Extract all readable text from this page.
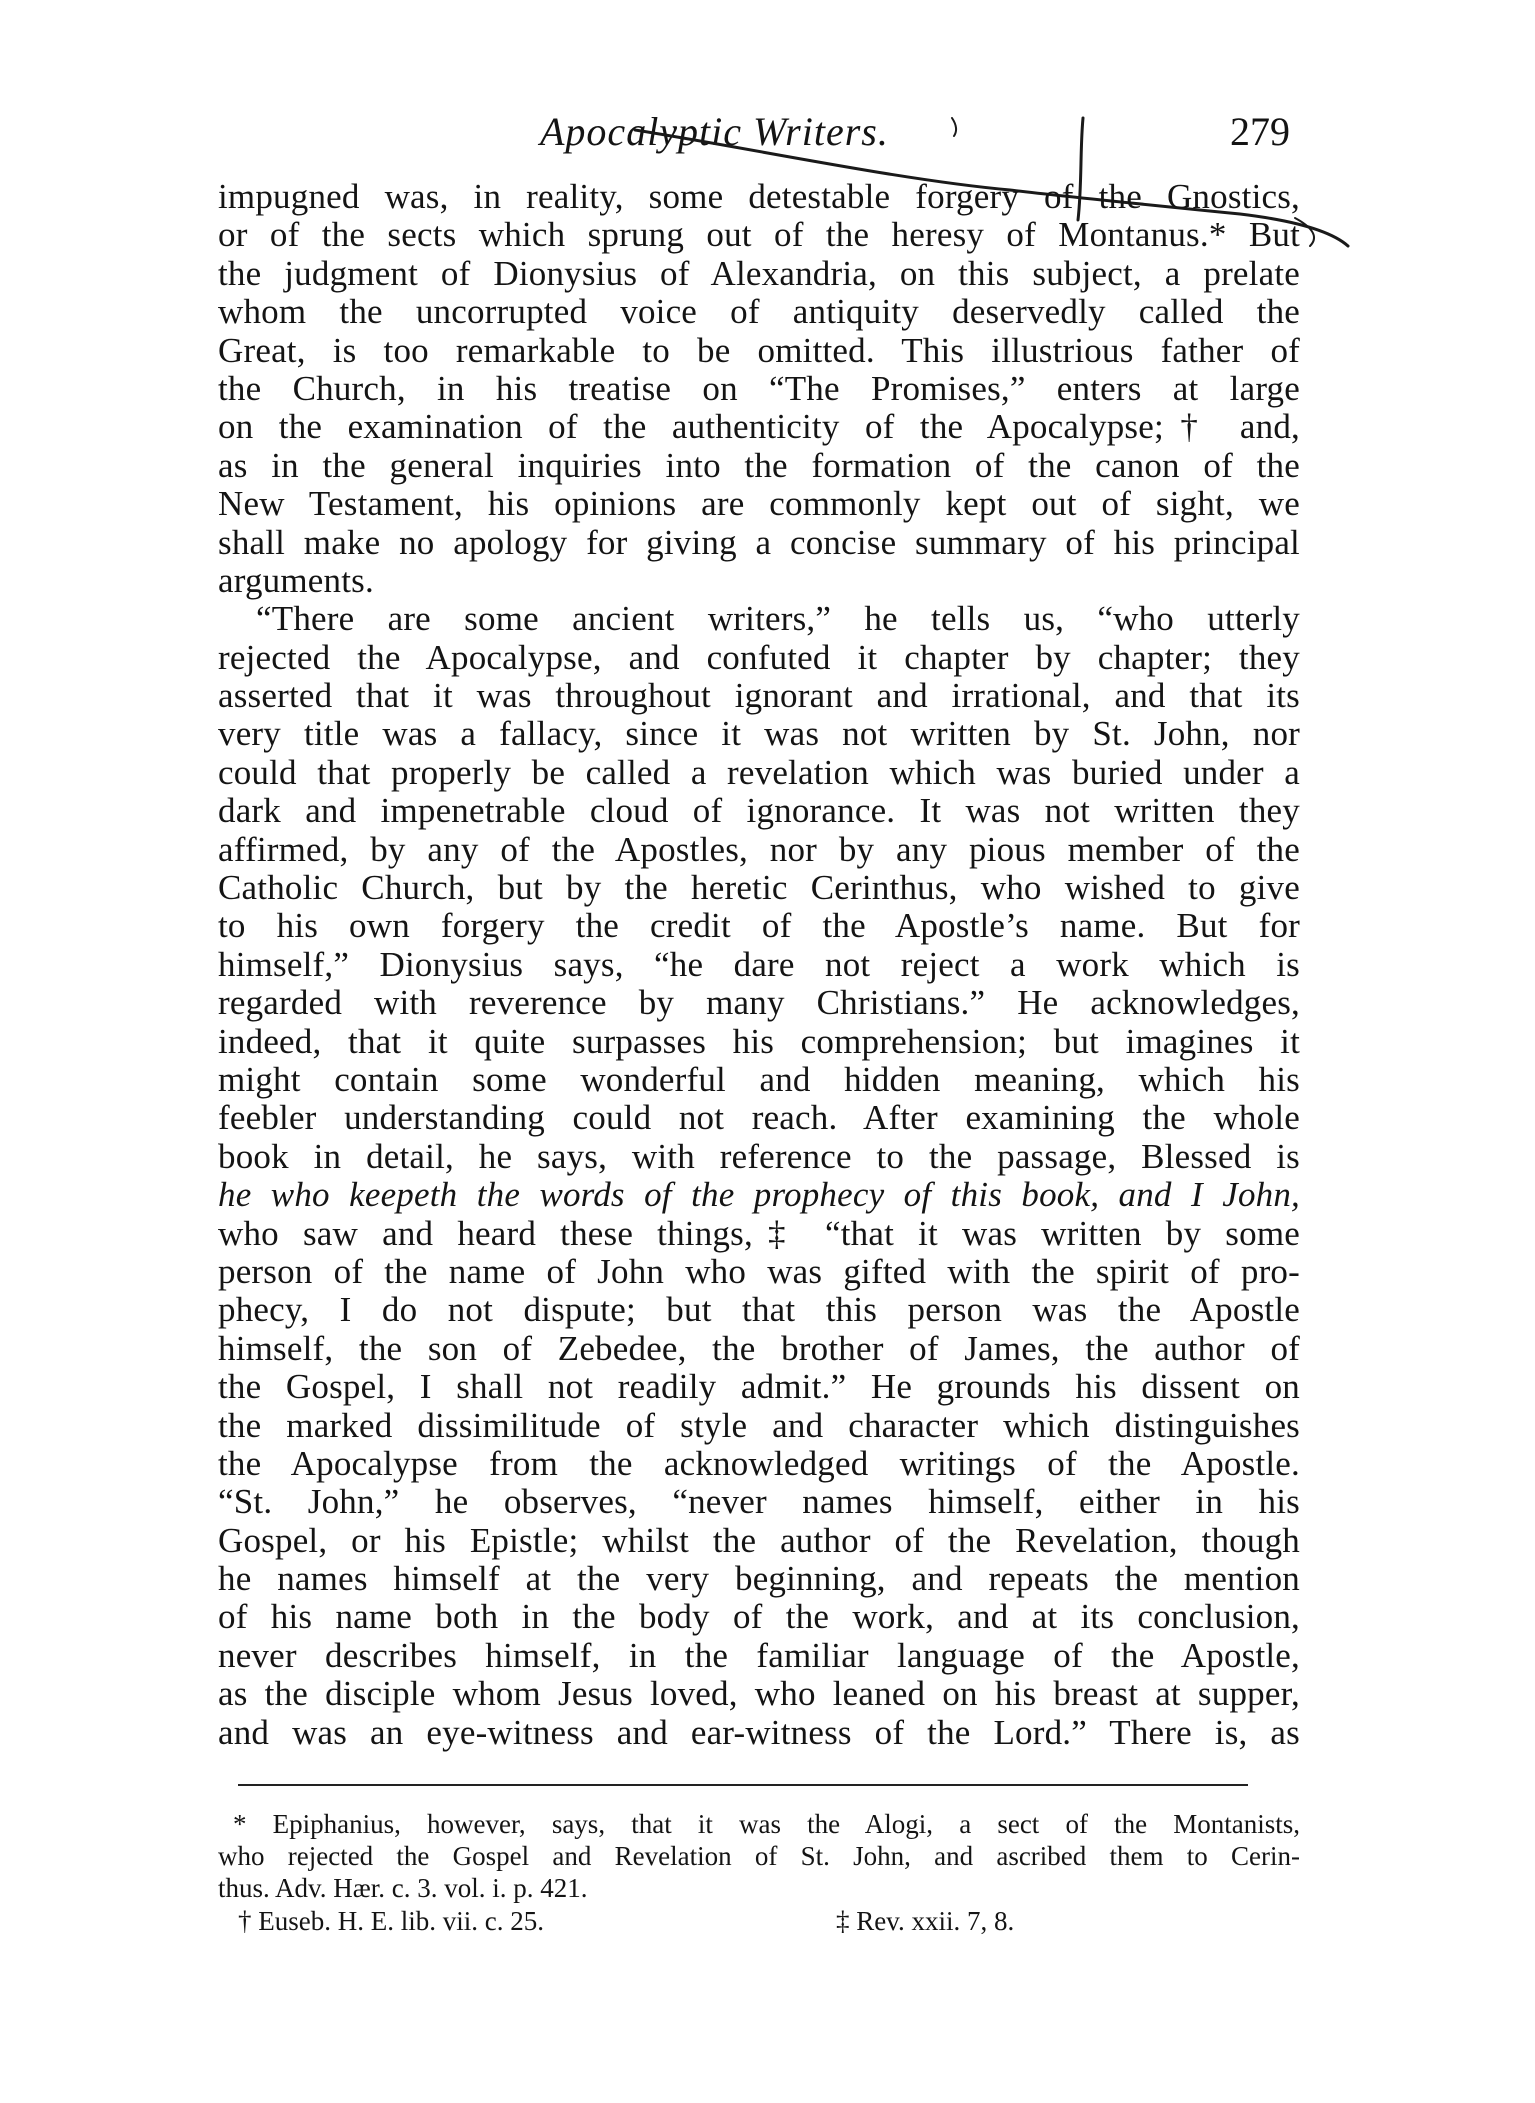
Apocalyptic Writers.	279
impugned was, in reality, some detestable forgery of the Gnostics,
or of the sects which sprung out of the heresy of Montanus.* But
the judgment of Dionysius of Alexandria, on this subject, a prelate
whom the uncorrupted voice of antiquity deservedly called the
Great, is too remarkable to be omitted. This illustrious father of
the Church, in his treatise on “The Promises,” enters at large
on the examination of the authenticity of the Apocalypse;† and,
as in the general inquiries into the formation of the canon of the
New Testament, his opinions are commonly kept out of sight, we
shall make no apology for giving a concise summary of his principal
arguments.
“There are some ancient writers,” he tells us, “who utterly
rejected the Apocalypse, and confuted it chapter by chapter; they
asserted that it was throughout ignorant and irrational, and that its
very title was a fallacy, since it was not written by St. John, nor
could that properly be called a revelation which was buried under a
dark and impenetrable cloud of ignorance. It was not written they
affirmed, by any of the Apostles, nor by any pious member of the
Catholic Church, but by the heretic Cerinthus, who wished to give
to his own forgery the credit of the Apostle’s name. But for
himself,” Dionysius says, “he dare not reject a work which is
regarded with reverence by many Christians.” He acknowledges,
indeed, that it quite surpasses his comprehension; but imagines it
might contain some wonderful and hidden meaning, which his
feebler understanding could not reach. After examining the whole
book in detail, he says, with reference to the passage, Blessed is
he who keepeth the words of the prophecy of this book, and I John,
who saw and heard these things,‡ “that it was written by some
person of the name of John who was gifted with the spirit of pro-
phecy, I do not dispute; but that this person was the Apostle
himself, the son of Zebedee, the brother of James, the author of
the Gospel, I shall not readily admit.” He grounds his dissent on
the marked dissimilitude of style and character which distinguishes
the Apocalypse from the acknowledged writings of the Apostle.
“St. John,” he observes, “never names himself, either in his
Gospel, or his Epistle; whilst the author of the Revelation, though
he names himself at the very beginning, and repeats the mention
of his name both in the body of the work, and at its conclusion,
never describes himself, in the familiar language of the Apostle,
as the disciple whom Jesus loved, who leaned on his breast at supper,
and was an eye-witness and ear-witness of the Lord.” There is, as
* Epiphanius, however, says, that it was the Alogi, a sect of the Montanists,
who rejected the Gospel and Revelation of St. John, and ascribed them to Cerin-
thus. Adv. Hær. c. 3. vol. i. p. 421.
† Euseb. H. E. lib. vii. c. 25.	‡ Rev. xxii. 7, 8.
